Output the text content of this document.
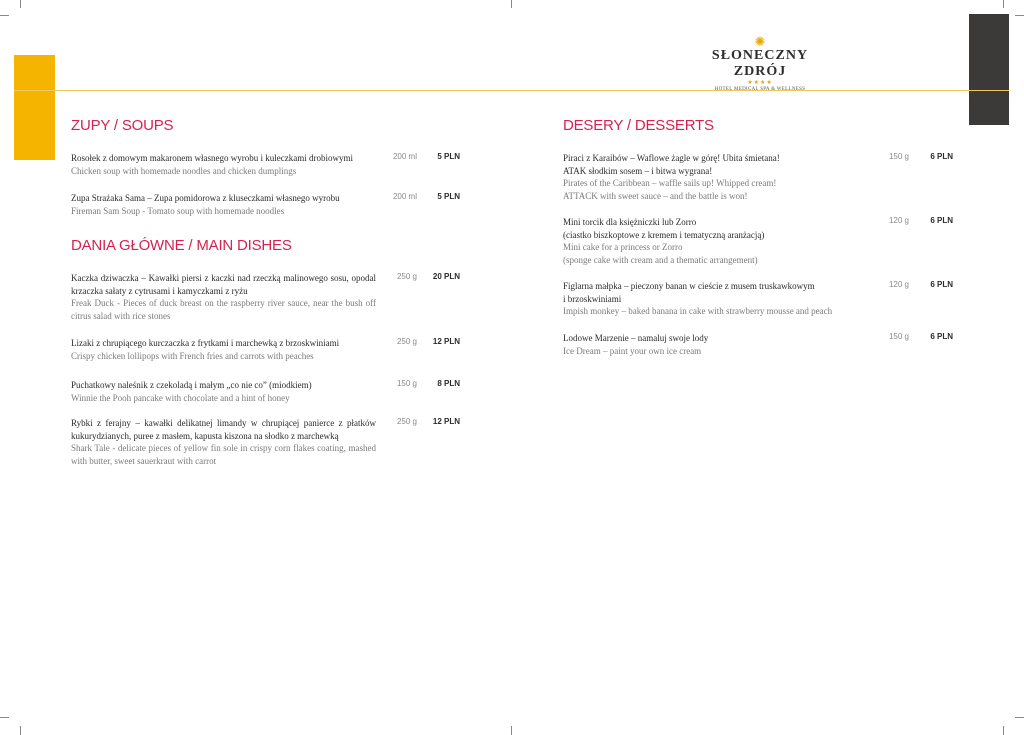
✺
SŁONECZNY ZDRÓJ
★★★★
HOTEL MEDICAL SPA & WELLNESS
ZUPY / SOUPS
Rosołek z domowym makaronem własnego wyrobu i kuleczkami drobiowymi
Chicken soup with homemade noodles and chicken dumplings
200 ml	5 PLN
Zupa Strażaka Sama – Zupa pomidorowa z kluseczkami własnego wyrobu
Fireman Sam Soup - Tomato soup with homemade noodles
200 ml	5 PLN
DANIA GŁÓWNE / MAIN DISHES
Kaczka dziwaczka – Kawałki piersi z kaczki nad rzeczką malinowego sosu, opodal krzaczka sałaty z cytrusami i kamyczkami z ryżu
Freak Duck - Pieces of duck breast on the raspberry river sauce, near the bush off citrus salad with rice stones
250 g	20 PLN
Lizaki z chrupiącego kurczaczka z frytkami i marchewką z brzoskwiniami
Crispy chicken lollipops with French fries and carrots with peaches
250 g	12 PLN
Puchatkowy naleśnik z czekoladą i małym „co nie co” (miodkiem)
Winnie the Pooh pancake with chocolate and a hint of honey
150 g	8 PLN
Rybki z ferajny – kawałki delikatnej limandy w chrupiącej panierce z płatków kukurydzianych, puree z masłem, kapusta kiszona na słodko z marchewką
Shark Tale - delicate pieces of yellow fin sole in crispy corn flakes coating, mashed with butter, sweet sauerkraut with carrot
250 g	12 PLN
DESERY / DESSERTS
Piraci z Karaibów – Waflowe żagle w górę! Ubita śmietana!
ATAK słodkim sosem – i bitwa wygrana!
Pirates of the Caribbean – waffle sails up! Whipped cream!
ATTACK with sweet sauce – and the battle is won!
150 g	6 PLN
Mini torcik dla księżniczki lub Zorro
(ciastko biszkoptowe z kremem i tematyczną aranżacją)
Mini cake for a princess or Zorro
(sponge cake with cream and a thematic arrangement)
120 g	6 PLN
Figlarna małpka – pieczony banan w cieście z musem truskawkowym
i brzoskwiniami
Impish monkey – baked banana in cake with strawberry mousse and peach
120 g	6 PLN
Lodowe Marzenie – namaluj swoje lody
Ice Dream – paint your own ice cream
150 g	6 PLN
